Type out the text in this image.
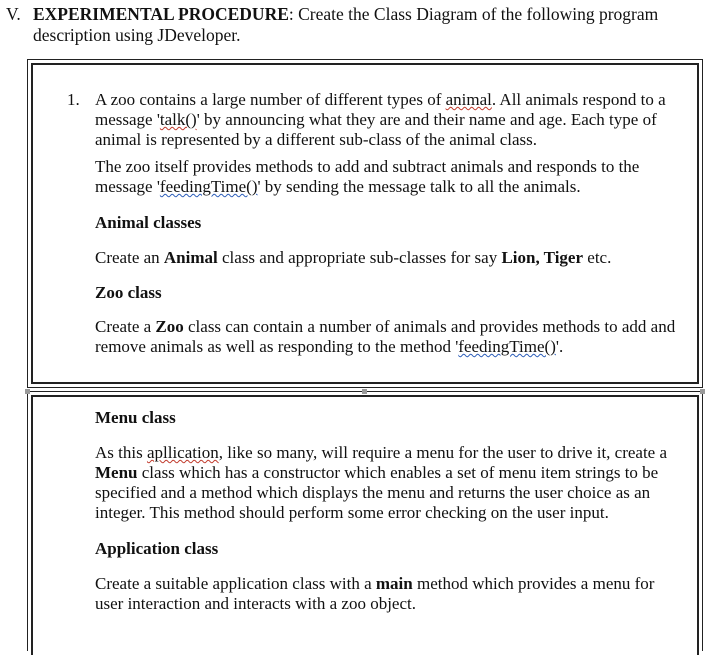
V. EXPERIMENTAL PROCEDURE: Create the Class Diagram of the following program
description using JDeveloper.
1. A zoo contains a large number of different types of animal. All animals respond to a message 'talk()' by announcing what they are and their name and age. Each type of animal is represented by a different sub-class of the animal class.

The zoo itself provides methods to add and subtract animals and responds to the message 'feedingTime()' by sending the message talk to all the animals.

Animal classes

Create an Animal class and appropriate sub-classes for say Lion, Tiger etc.

Zoo class

Create a Zoo class can contain a number of animals and provides methods to add and remove animals as well as responding to the method 'feedingTime()'.

Menu class

As this apllication, like so many, will require a menu for the user to drive it, create a Menu class which has a constructor which enables a set of menu item strings to be specified and a method which displays the menu and returns the user choice as an integer. This method should perform some error checking on the user input.

Application class

Create a suitable application class with a main method which provides a menu for user interaction and interacts with a zoo object.
